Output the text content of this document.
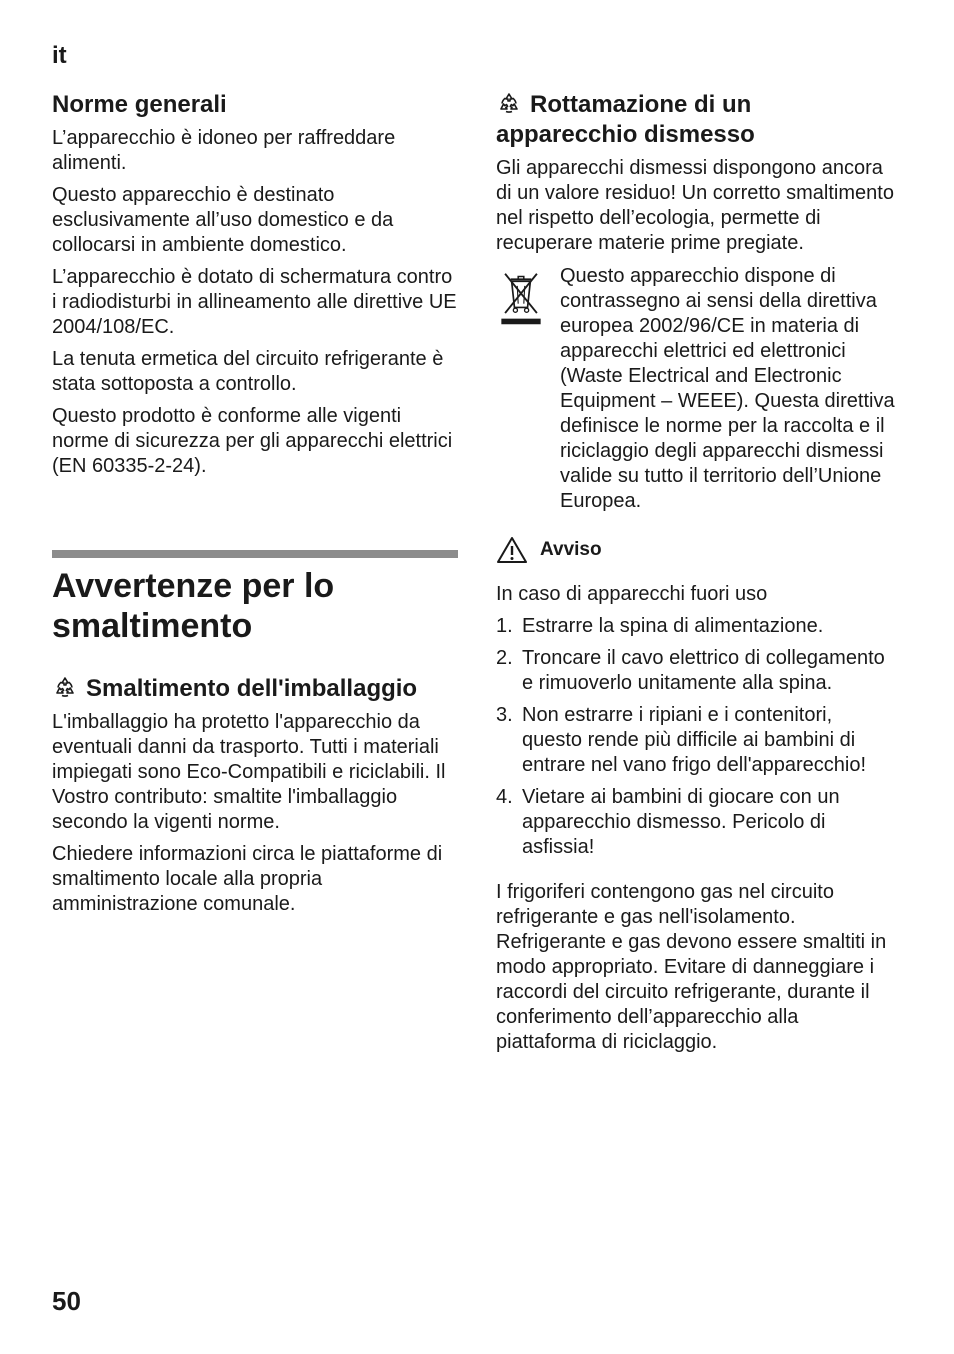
it
Norme generali

L’apparecchio è idoneo per raffreddare alimenti.

Questo apparecchio è destinato esclusivamente all’uso domestico e da collocarsi in ambiente domestico.

L’apparecchio è dotato di schermatura contro i radiodisturbi in allineamento alle direttive UE 2004/108/EC.

La tenuta ermetica del circuito refrigerante è stata sottoposta a controllo.

Questo prodotto è conforme alle vigenti norme di sicurezza per gli apparecchi elettrici (EN 60335-2-24).

Avvertenze per lo smaltimento
Smaltimento dell'imballaggio

L'imballaggio ha protetto l'apparecchio da eventuali danni da trasporto. Tutti i materiali impiegati sono Eco-Compatibili e riciclabili. Il Vostro contributo: smaltite l'imballaggio secondo la vigenti norme.

Chiedere informazioni circa le piattaforme di smaltimento locale alla propria amministrazione comunale.

Rottamazione di un apparecchio dismesso

Gli apparecchi dismessi dispongono ancora di un valore residuo! Un corretto smaltimento nel rispetto dell’ecologia, permette di recuperare materie prime pregiate.

Questo apparecchio dispone di contrassegno ai sensi della direttiva europea 2002/96/CE in materia di apparecchi elettrici ed elettronici (Waste Electrical and Electronic Equipment – WEEE). Questa direttiva definisce le norme per la raccolta e il riciclaggio degli apparecchi dismessi valide su tutto il territorio dell’Unione Europea.

Avviso

In caso di apparecchi fuori uso

1. Estrarre la spina di alimentazione.
2. Troncare il cavo elettrico di collegamento e rimuoverlo unitamente alla spina.
3. Non estrarre i ripiani e i contenitori, questo rende più difficile ai bambini di entrare nel vano frigo dell'apparecchio!
4. Vietare ai bambini di giocare con un apparecchio dismesso. Pericolo di asfissia!

I frigoriferi contengono gas nel circuito refrigerante e gas nell'isolamento. Refrigerante e gas devono essere smaltiti in modo appropriato. Evitare di danneggiare i raccordi del circuito refrigerante, durante il conferimento dell’apparecchio alla piattaforma di riciclaggio.

50
